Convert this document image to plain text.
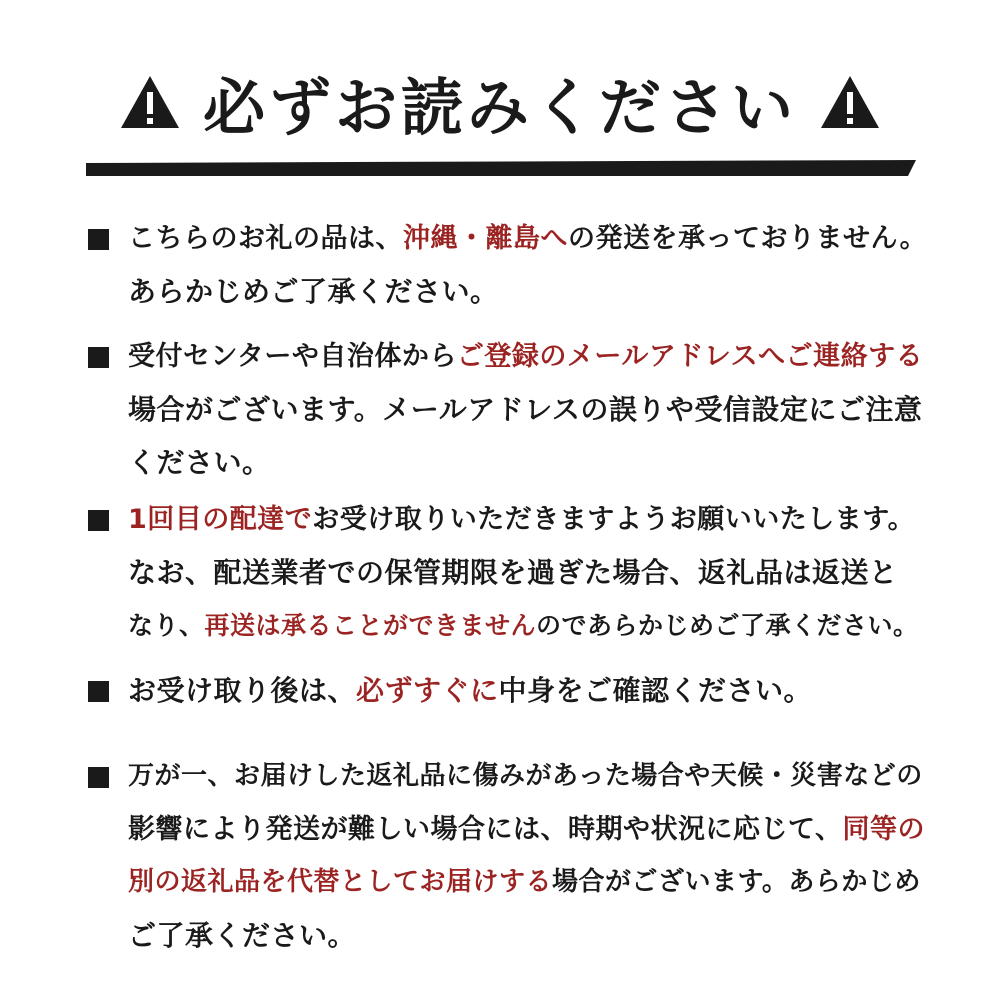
必ずお読みください
こちらのお礼の品は、沖縄・離島への発送を承っておりません。
あらかじめご了承ください。
受付センターや自治体からご登録のメールアドレスへご連絡する
場合がございます。メールアドレスの誤りや受信設定にご注意
ください。
1回目の配達でお受け取りいただきますようお願いいたします。
なお、配送業者での保管期限を過ぎた場合、返礼品は返送と
なり、再送は承ることができませんのであらかじめご了承ください。
お受け取り後は、必ずすぐに中身をご確認ください。
万が一、お届けした返礼品に傷みがあった場合や天候・災害などの
影響により発送が難しい場合には、時期や状況に応じて、同等の
別の返礼品を代替としてお届けする場合がございます。あらかじめ
ご了承ください。
